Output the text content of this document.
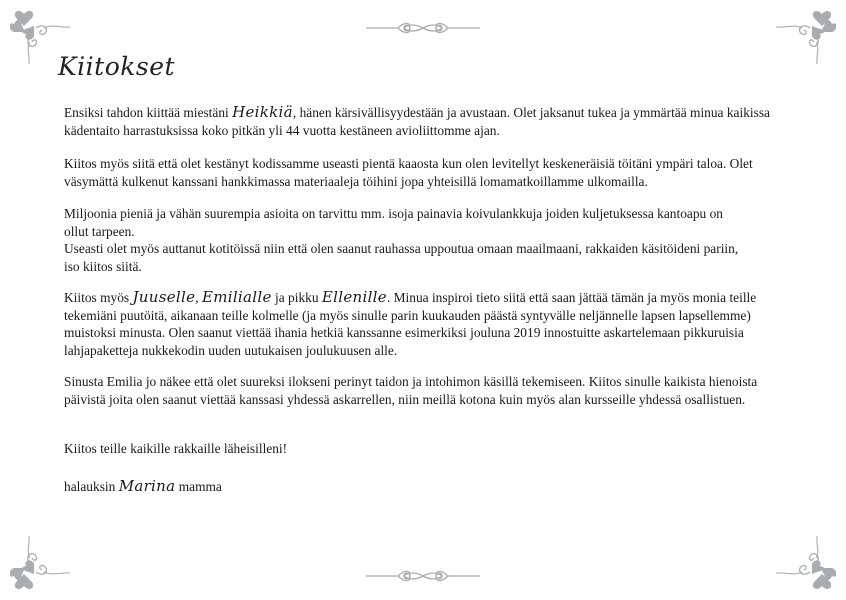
Kiitokset
Ensiksi tahdon kiittää miestäni Heikkiä, hänen kärsivällisyydestään ja avustaan. Olet jaksanut tukea ja ymmärtää minua kaikissa
kädentaito harrastuksissa koko pitkän yli 44 vuotta kestäneen avioliittomme ajan.
Kiitos myös siitä että olet kestänyt kodissamme useasti pientä kaaosta kun olen levitellyt keskeneräisiä töitäni ympäri taloa. Olet
väsymättä kulkenut kanssani hankkimassa materiaaleja töihini jopa yhteisillä lomamatkoillamme ulkomailla.
Miljoonia pieniä ja vähän suurempia asioita on tarvittu mm. isoja painavia koivulankkuja joiden kuljetuksessa kantoapu on
ollut tarpeen.
Useasti olet myös auttanut kotitöissä niin että olen saanut rauhassa uppoutua omaan maailmaani, rakkaiden käsitöideni pariin,
iso kiitos siitä.
Kiitos myös Juuselle, Emilialle ja pikku Ellenille. Minua inspiroi tieto siitä että saan jättää tämän ja myös monia teille
tekemiäni puutöitä, aikanaan teille kolmelle (ja myös sinulle parin kuukauden päästä syntyvälle neljännelle lapsen lapsellemme)
muistoksi minusta. Olen saanut viettää ihania hetkiä kanssanne esimerkiksi jouluna 2019 innostuitte askartelemaan pikkuruisia
lahjapaketteja nukkekodin uuden uutukaisen joulukuusen alle.
Sinusta Emilia jo näkee että olet suureksi ilokseni perinyt taidon ja intohimon käsillä tekemiseen. Kiitos sinulle kaikista hienoista
päivistä joita olen saanut viettää kanssasi yhdessä askarrellen, niin meillä kotona kuin myös alan kursseille yhdessä osallistuen.
Kiitos teille kaikille rakkaille läheisilleni!
halauksin Marina mamma
